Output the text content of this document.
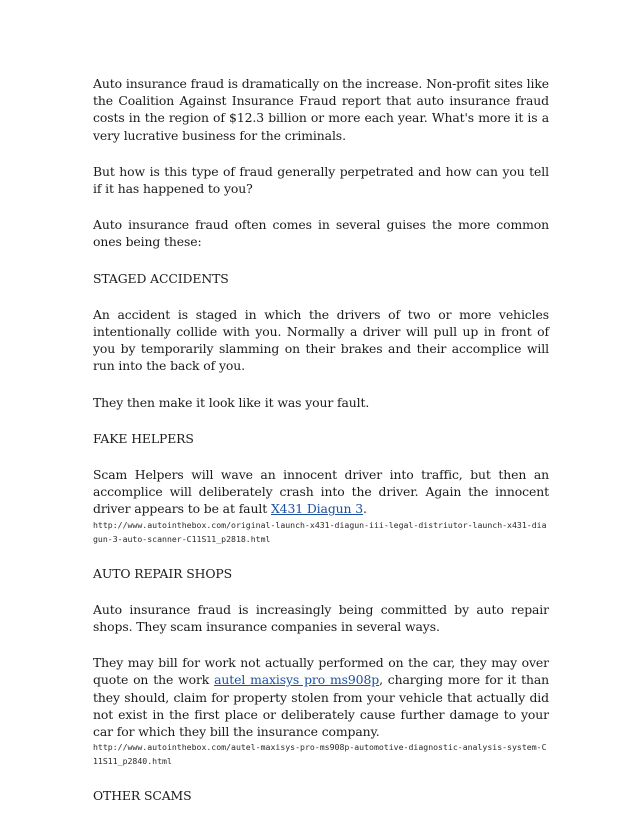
Auto insurance fraud is dramatically on the increase. Non-profit sites like the Coalition Against Insurance Fraud report that auto insurance fraud costs in the region of $12.3 billion or more each year. What's more it is a very lucrative business for the criminals.

But how is this type of fraud generally perpetrated and how can you tell if it has happened to you?

Auto insurance fraud often comes in several guises the more common ones being these:

STAGED ACCIDENTS

An accident is staged in which the drivers of two or more vehicles intentionally collide with you. Normally a driver will pull up in front of you by temporarily slamming on their brakes and their accomplice will run into the back of you.

They then make it look like it was your fault.

FAKE HELPERS

Scam Helpers will wave an innocent driver into traffic, but then an accomplice will deliberately crash into the driver. Again the innocent driver appears to be at fault X431 Diagun 3.

http://www.autointhebox.com/original-launch-x431-diagun-iii-legal-distriutor-launch-x431-diagun-3-auto-scanner-C11S11_p2818.html

AUTO REPAIR SHOPS

Auto insurance fraud is increasingly being committed by auto repair shops. They scam insurance companies in several ways.

They may bill for work not actually performed on the car, they may over quote on the work autel maxisys pro ms908p, charging more for it than they should, claim for property stolen from your vehicle that actually did not exist in the first place or deliberately cause further damage to your car for which they bill the insurance company.

http://www.autointhebox.com/autel-maxisys-pro-ms908p-automotive-diagnostic-analysis-system-C11S11_p2840.html

OTHER SCAMS
